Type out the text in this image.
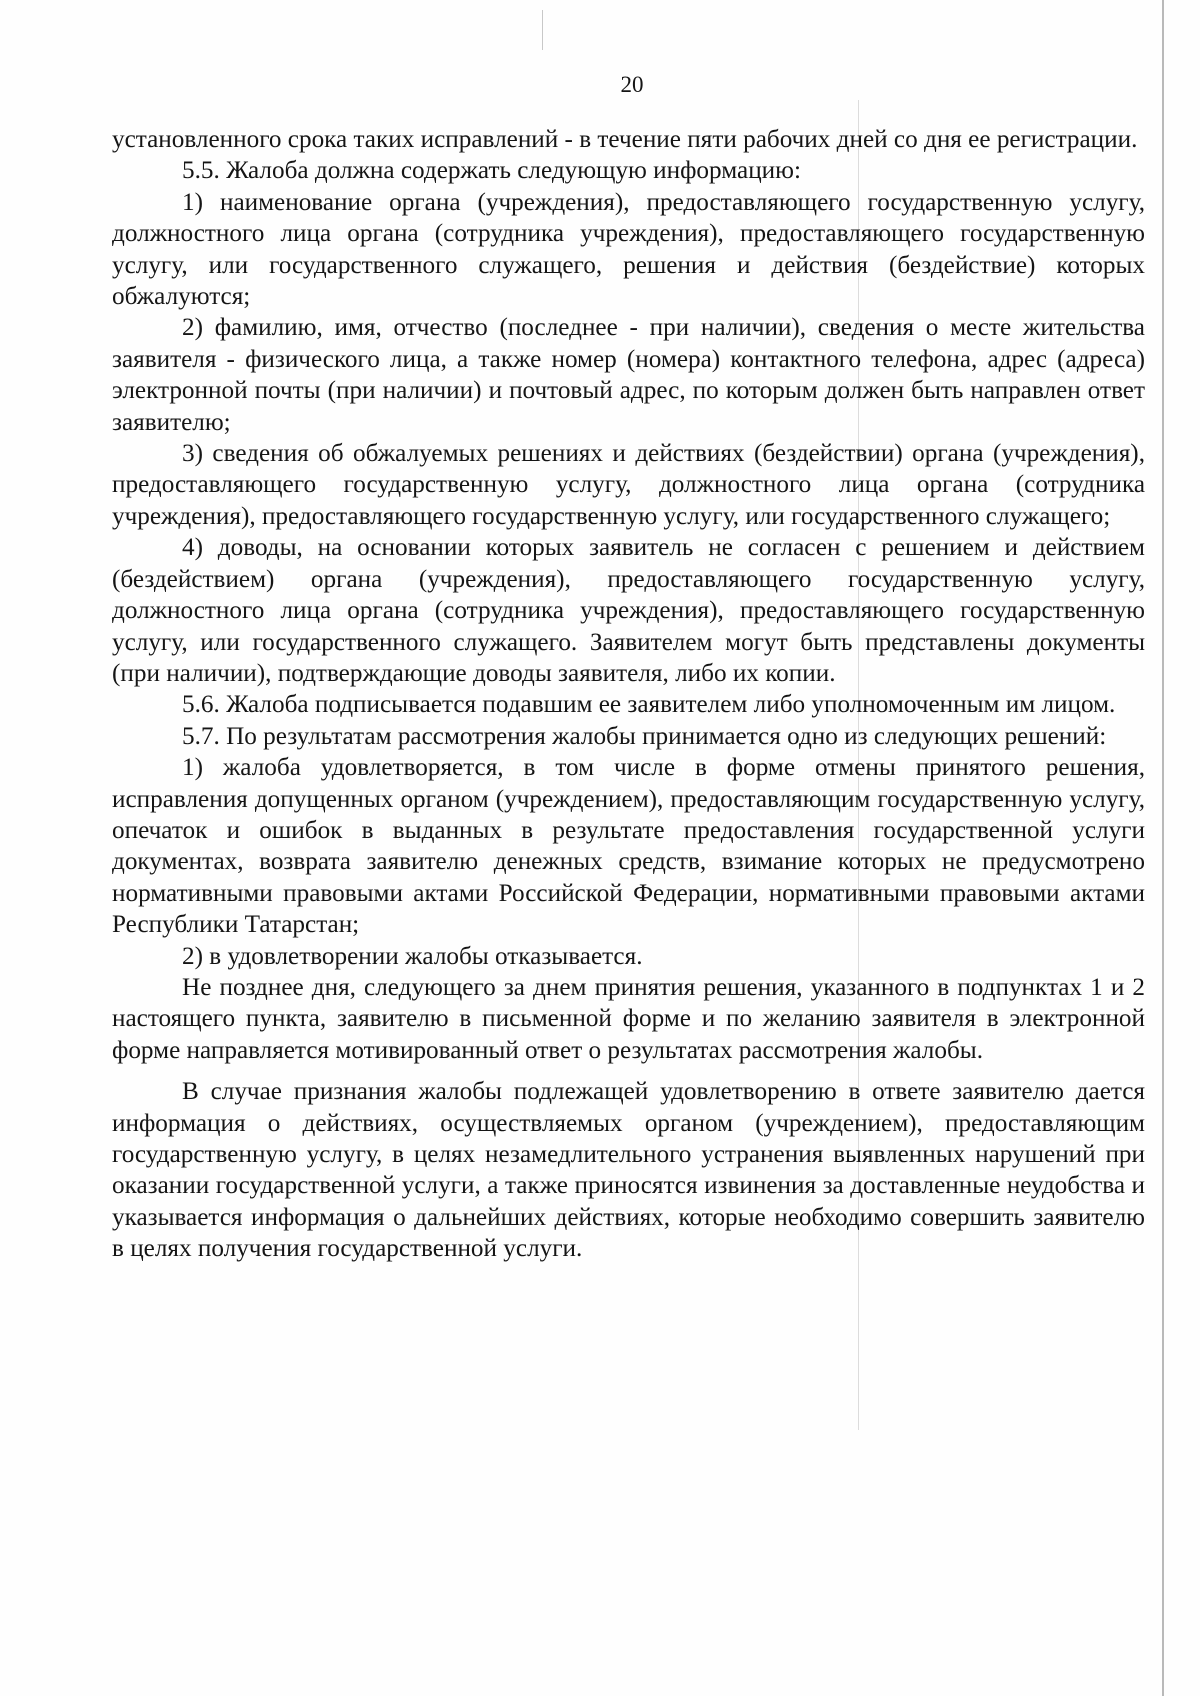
20

установленного срока таких исправлений - в течение пяти рабочих дней со дня ее регистрации.

5.5. Жалоба должна содержать следующую информацию:

1) наименование органа (учреждения), предоставляющего государственную услугу, должностного лица органа (сотрудника учреждения), предоставляющего государственную услугу, или государственного служащего, решения и действия (бездействие) которых обжалуются;

2) фамилию, имя, отчество (последнее - при наличии), сведения о месте жительства заявителя - физического лица, а также номер (номера) контактного телефона, адрес (адреса) электронной почты (при наличии) и почтовый адрес, по которым должен быть направлен ответ заявителю;

3) сведения об обжалуемых решениях и действиях (бездействии) органа (учреждения), предоставляющего государственную услугу, должностного лица органа (сотрудника учреждения), предоставляющего государственную услугу, или государственного служащего;

4) доводы, на основании которых заявитель не согласен с решением и действием (бездействием) органа (учреждения), предоставляющего государственную услугу, должностного лица органа (сотрудника учреждения), предоставляющего государственную услугу, или государственного служащего. Заявителем могут быть представлены документы (при наличии), подтверждающие доводы заявителя, либо их копии.

5.6. Жалоба подписывается подавшим ее заявителем либо уполномоченным им лицом.

5.7. По результатам рассмотрения жалобы принимается одно из следующих решений:

1) жалоба удовлетворяется, в том числе в форме отмены принятого решения, исправления допущенных органом (учреждением), предоставляющим государственную услугу, опечаток и ошибок в выданных в результате предоставления государственной услуги документах, возврата заявителю денежных средств, взимание которых не предусмотрено нормативными правовыми актами Российской Федерации, нормативными правовыми актами Республики Татарстан;

2) в удовлетворении жалобы отказывается.

Не позднее дня, следующего за днем принятия решения, указанного в подпунктах 1 и 2 настоящего пункта, заявителю в письменной форме и по желанию заявителя в электронной форме направляется мотивированный ответ о результатах рассмотрения жалобы.

В случае признания жалобы подлежащей удовлетворению в ответе заявителю дается информация о действиях, осуществляемых органом (учреждением), предоставляющим государственную услугу, в целях незамедлительного устранения выявленных нарушений при оказании государственной услуги, а также приносятся извинения за доставленные неудобства и указывается информация о дальнейших действиях, которые необходимо совершить заявителю в целях получения государственной услуги.
